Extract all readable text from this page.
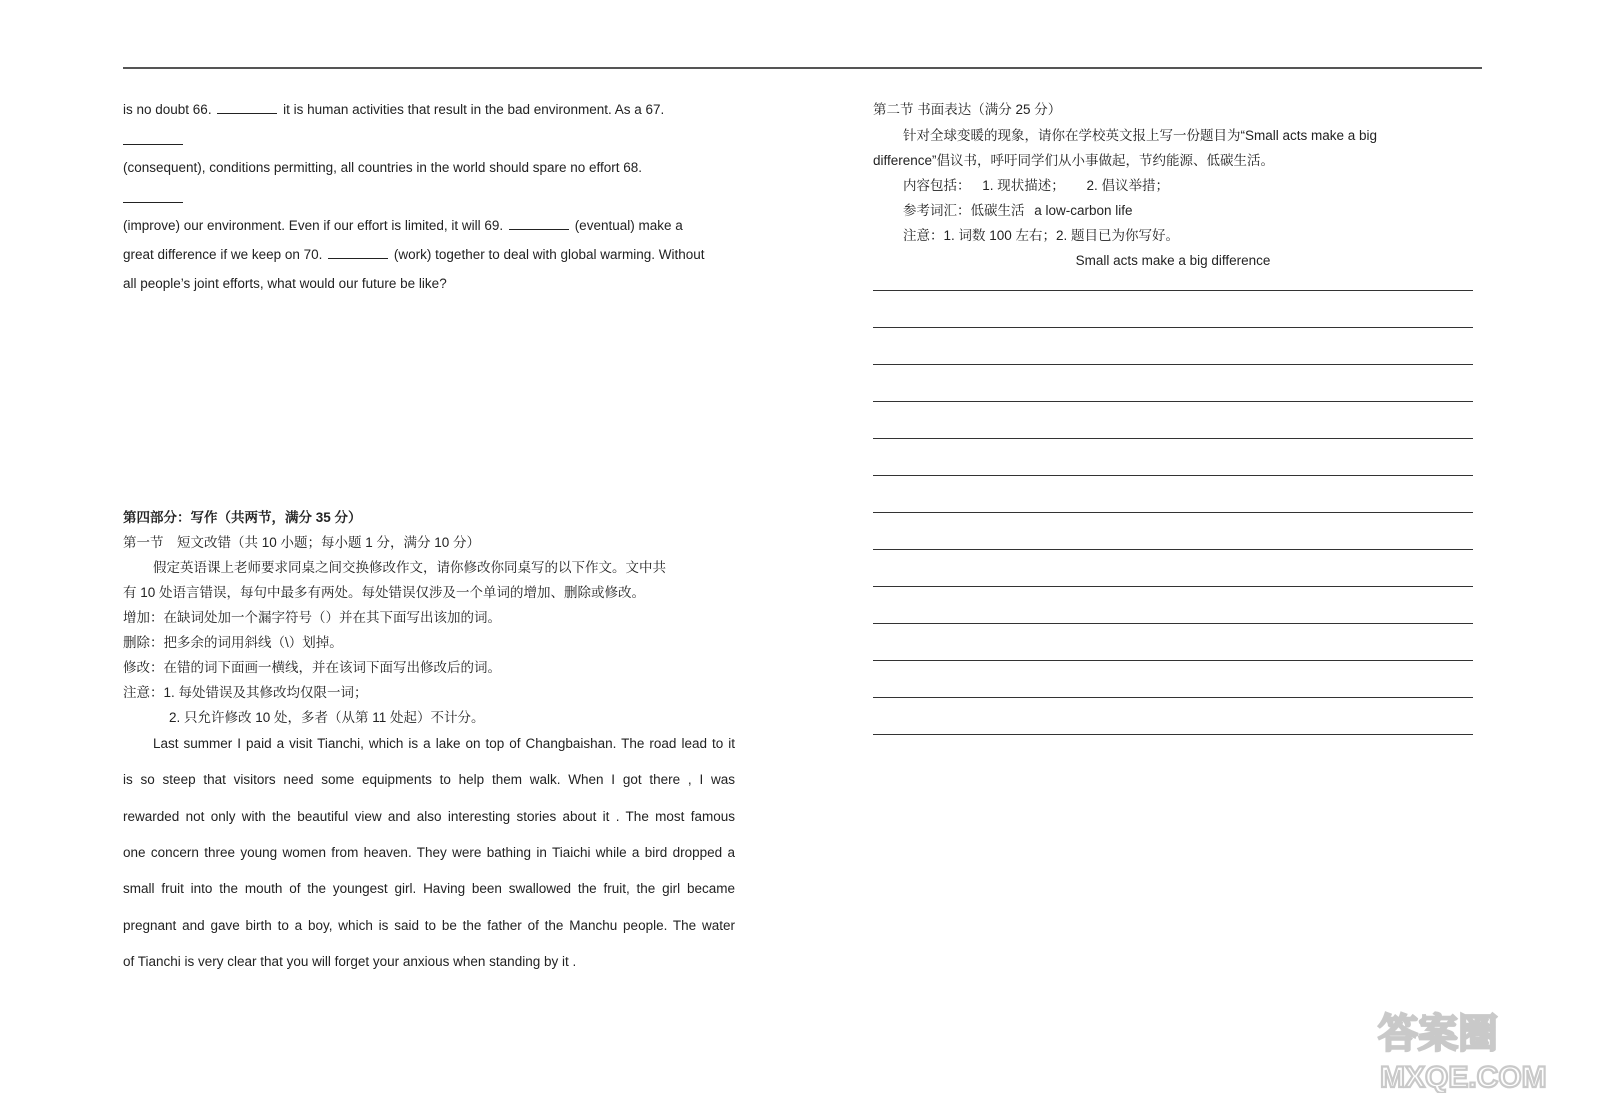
is no doubt 66.	it is human activities that result in the bad environment. As a 67.
(consequent), conditions permitting, all countries in the world should spare no effort 68.
(improve) our environment. Even if our effort is limited, it will 69.	(eventual) make a
great difference if we keep on 70.	(work) together to deal with global warming. Without
all people’s joint efforts, what would our future be like?
第四部分：写作（共两节，满分 35 分）
第一节　短文改错（共 10 小题；每小题 1 分，满分 10 分）
假定英语课上老师要求同桌之间交换修改作文，请你修改你同桌写的以下作文。文中共
有 10 处语言错误，每句中最多有两处。每处错误仅涉及一个单词的增加、删除或修改。
增加：在缺词处加一个漏字符号（）并在其下面写出该加的词。
删除：把多余的词用斜线（\）划掉。
修改：在错的词下面画一横线，并在该词下面写出修改后的词。
注意：1. 每处错误及其修改均仅限一词；
2. 只允许修改 10 处，多者（从第 11 处起）不计分。
Last summer I paid a visit Tianchi, which is a lake on top of Changbaishan. The road lead to it
is so steep that visitors need some equipments to help them walk. When I got there , I was
rewarded not only with the beautiful view and also interesting stories about it . The most famous
one concern three young women from heaven. They were bathing in Tiaichi while a bird dropped a
small fruit into the mouth of the youngest girl. Having been swallowed the fruit, the girl became
pregnant and gave birth to a boy, which is said to be the father of the Manchu people. The water
of Tianchi is very clear that you will forget your anxious when standing by it .
第二节 书面表达（满分 25 分）
针对全球变暖的现象，请你在学校英文报上写一份题目为“Small acts make a big
difference”倡议书，呼吁同学们从小事做起，节约能源、低碳生活。
内容包括： 1. 现状描述； 2. 倡议举措；
参考词汇：低碳生活 a low-carbon life
注意：1. 词数 100 左右；2. 题目已为你写好。
Small acts make a big difference
答案圈
MXQE.COM
